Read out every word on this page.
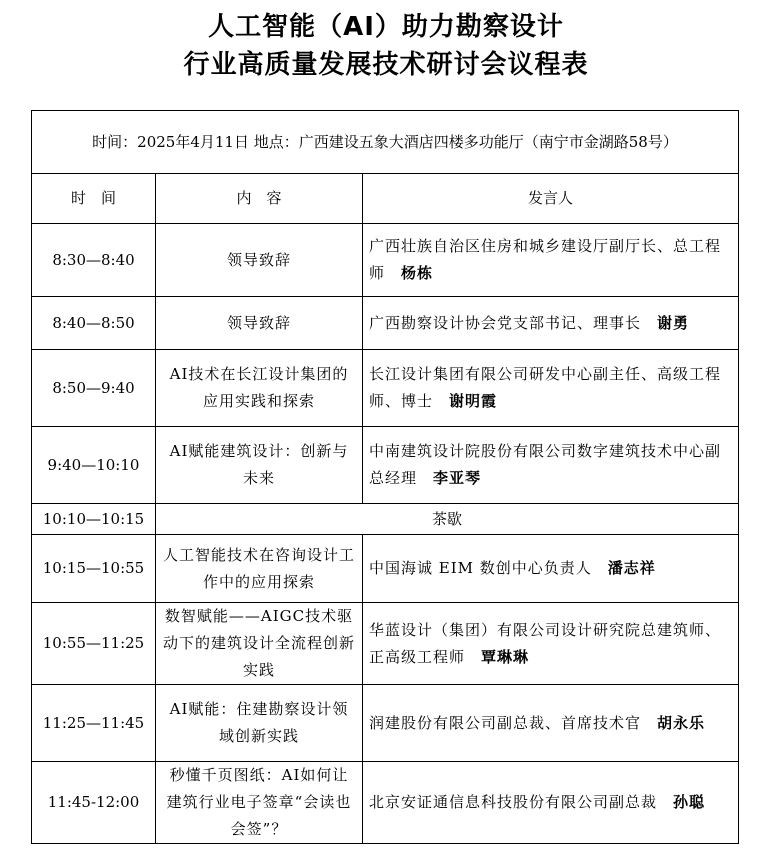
人工智能（AI）助力勘察设计
行业高质量发展技术研讨会议程表
时间：2025年4月11日 地点：广西建设五象大酒店四楼多功能厅（南宁市金湖路58号）		
时　间	内　容	发言人
8:30—8:40	领导致辞	广西壮族自治区住房和城乡建设厅副厅长、总工程师　 杨栋
8:40—8:50	领导致辞	广西勘察设计协会党支部书记、理事长　 谢勇
8:50—9:40	AI技术在长江设计集团的应用实践和探索	长江设计集团有限公司研发中心副主任、高级工程师、博士　 谢明霞
9:40—10:10	AI赋能建筑设计：创新与未来	中南建筑设计院股份有限公司数字建筑技术中心副总经理　 李亚琴
10:10—10:15	茶歇	
10:15—10:55	人工智能技术在咨询设计工作中的应用探索	中国海诚 EIM 数创中心负责人　 潘志祥
10:55—11:25	数智赋能——AIGC技术驱动下的建筑设计全流程创新实践	华蓝设计（集团）有限公司设计研究院总建筑师、正高级工程师　 覃琳琳
11:25—11:45	AI赋能：住建勘察设计领域创新实践	润建股份有限公司副总裁、首席技术官　 胡永乐
11:45-12:00	秒懂千页图纸：AI如何让建筑行业电子签章“会读也会签”？	北京安证通信息科技股份有限公司副总裁　 孙聪
